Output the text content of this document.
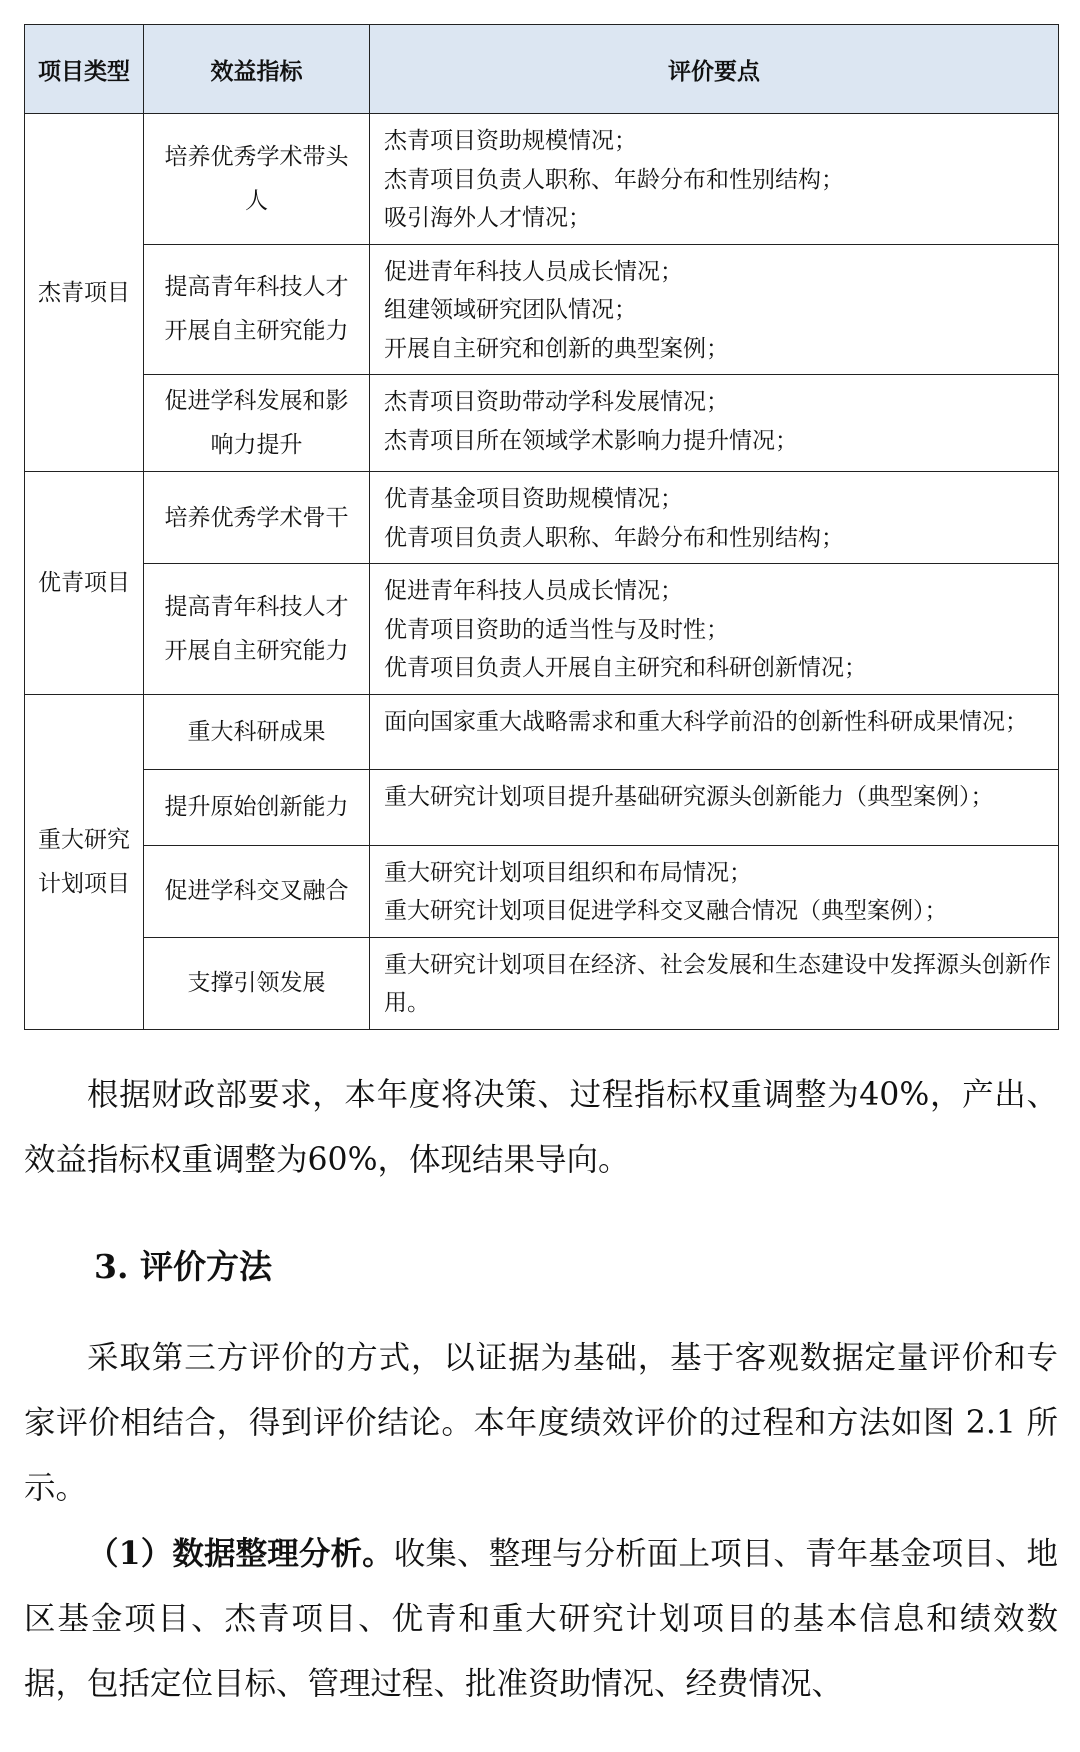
项目类型	效益指标	评价要点
杰青项目	培养优秀学术带头人	杰青项目资助规模情况；
杰青项目负责人职称、年龄分布和性别结构；
吸引海外人才情况；

	提高青年科技人才开展自主研究能力	促进青年科技人员成长情况；
组建领域研究团队情况；
开展自主研究和创新的典型案例；

	促进学科发展和影响力提升	杰青项目资助带动学科发展情况；
杰青项目所在领域学术影响力提升情况；

优青项目	培养优秀学术骨干	优青基金项目资助规模情况；
优青项目负责人职称、年龄分布和性别结构；

	提高青年科技人才开展自主研究能力	促进青年科技人员成长情况；
优青项目资助的适当性与及时性；
优青项目负责人开展自主研究和科研创新情况；

重大研究计划项目	重大科研成果	面向国家重大战略需求和重大科学前沿的创新性科研成果情况；

	提升原始创新能力	重大研究计划项目提升基础研究源头创新能力（典型案例）；

	促进学科交叉融合	重大研究计划项目组织和布局情况；
重大研究计划项目促进学科交叉融合情况（典型案例）；

	支撑引领发展	重大研究计划项目在经济、社会发展和生态建设中发挥源头创新作用。

根据财政部要求，本年度将决策、过程指标权重调整为40%，产出、效益指标权重调整为60%，体现结果导向。

3. 评价方法

采取第三方评价的方式，以证据为基础，基于客观数据定量评价和专家评价相结合，得到评价结论。本年度绩效评价的过程和方法如图 2.1 所示。

（1）数据整理分析。收集、整理与分析面上项目、青年基金项目、地区基金项目、杰青项目、优青和重大研究计划项目的基本信息和绩效数据，包括定位目标、管理过程、批准资助情况、经费情况、
